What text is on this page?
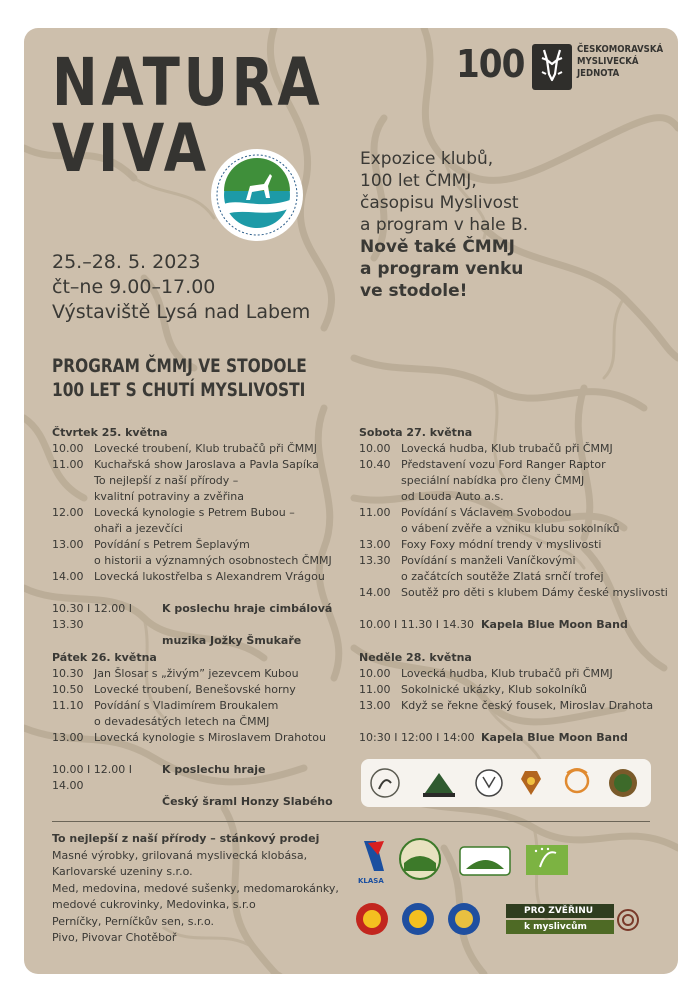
NATURA
VIVA
100	ČESKOMORAVSKÁ
MYSLIVECKÁ
JEDNOTA
25.–28. 5. 2023
čt–ne 9.00–17.00
Výstaviště Lysá nad Labem
Expozice klubů,
100 let ČMMJ,
časopisu Myslivost
a program v hale B.
Nově také ČMMJ
a program venku
ve stodole!
PROGRAM ČMMJ VE STODOLE
100 LET S CHUTÍ MYSLIVOSTI
Čtvrtek 25. května
10.00 Lovecké troubení, Klub trubačů při ČMMJ
11.00 Kuchařská show Jaroslava a Pavla Sapíka
To nejlepší z naší přírody –
kvalitní potraviny a zvěřina
12.00 Lovecká kynologie s Petrem Bubou –
ohaři a jezevčíci
13.00 Povídání s Petrem Šeplavým
o historii a významných osobnostech ČMMJ
14.00 Lovecká lukostřelba s Alexandrem Vrágou
10.30 I 12.00 I 13.30
K poslechu hraje cimbálová
muzika Jožky Šmukaře
Pátek 26. května
10.30 Jan Šlosar s „živým” jezevcem Kubou
10.50 Lovecké troubení, Benešovské horny
11.10 Povídání s Vladimírem Broukalem
o devadesátých letech na ČMMJ
13.00 Lovecká kynologie s Miroslavem Drahotou
10.00 I 12.00 I 14.00
K poslechu hraje
Český šraml Honzy Slabého
Sobota 27. května
10.00 Lovecká hudba, Klub trubačů při ČMMJ
10.40 Představení vozu Ford Ranger Raptor
speciální nabídka pro členy ČMMJ
od Louda Auto a.s.
11.00 Povídání s Václavem Svobodou
o vábení zvěře a vzniku klubu sokolníků
13.00 Foxy Foxy módní trendy v myslivosti
13.30 Povídání s manželi Vaníčkovými
o začátcích soutěže Zlatá srnčí trofej
14.00 Soutěž pro děti s klubem Dámy české myslivosti
10.00 I 11.30 I 14.30 Kapela Blue Moon Band
Neděle 28. května
10.00 Lovecká hudba, Klub trubačů při ČMMJ
11.00 Sokolnické ukázky, Klub sokolníků
13.00 Když se řekne český fousek, Miroslav Drahota
10:30 I 12:00 I 14:00 Kapela Blue Moon Band
To nejlepší z naší přírody – stánkový prodej
Masné výrobky, grilovaná myslivecká klobása,
Karlovarské uzeniny s.r.o.
Med, medovina, medové sušenky, medomarokánky,
medové cukrovinky, Medovinka, s.r.o
Perníčky, Perníčkův sen, s.r.o.
Pivo, Pivovar Chotěboř
KLASA
PRO ZVĚŘINU
k myslivcům
